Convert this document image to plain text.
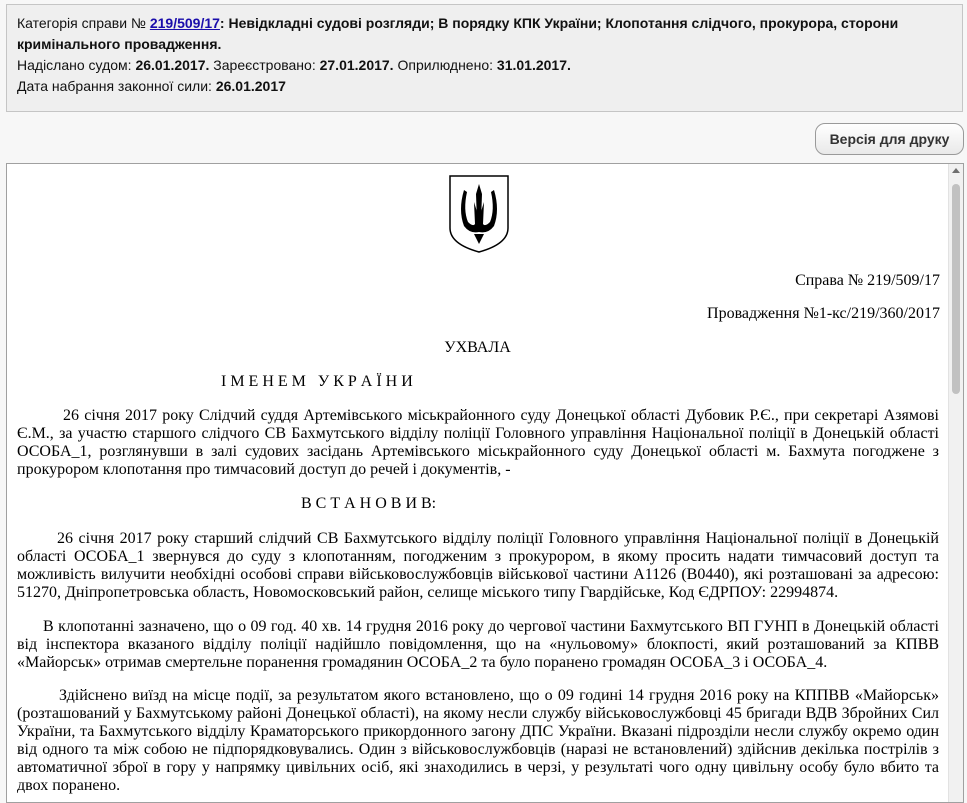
Категорія справи № 219/509/17: Невідкладні судові розгляди; В порядку КПК України; Клопотання слідчого, прокурора, сторони кримінального провадження.

Надіслано судом: 26.01.2017. Зареєстровано: 27.01.2017. Оприлюднено: 31.01.2017.

Дата набрання законної сили: 26.01.2017

Версія для друку
Справа № 219/509/17
Провадження №1-кс/219/360/2017
УХВАЛА
І М Е Н Е М   У К Р А Ї Н И
26 січня 2017 року Слідчий суддя Артемівського міськрайонного суду Донецької області Дубовик Р.Є., при секретарі Азямові Є.М., за участю старшого слідчого СВ Бахмутського відділу поліції Головного управління Національної поліції в Донецькій області ОСОБА_1, розглянувши в залі судових засідань Артемівського міськрайонного суду Донецької області м. Бахмута погоджене з прокурором клопотання про тимчасовий доступ до речей і документів, -
В С Т А Н О В И В:
26 січня 2017 року старший слідчий СВ Бахмутського відділу поліції Головного управління Національної поліції в Донецькій області ОСОБА_1 звернувся до суду з клопотанням, погодженим з прокурором, в якому просить надати тимчасовий доступ та можливість вилучити необхідні особові справи військовослужбовців військової частини А1126 (В0440), які розташовані за адресою: 51270, Дніпропетровська область, Новомосковський район, селище міського типу Гвардійське, Код ЄДРПОУ: 22994874.
В клопотанні зазначено, що о 09 год. 40 хв. 14 грудня 2016 року до чергової частини Бахмутського ВП ГУНП в Донецькій області від інспектора вказаного відділу поліції надійшло повідомлення, що на «нульовому» блокпості, який розташований за КПВВ «Майорськ» отримав смертельне поранення громадянин ОСОБА_2 та було поранено громадян ОСОБА_3 і ОСОБА_4.
Здійснено виїзд на місце події, за результатом якого встановлено, що о 09 годині 14 грудня 2016 року на КППВВ «Майорськ» (розташований у Бахмутському районі Донецької області), на якому несли службу військовослужбовці 45 бригади ВДВ Збройних Сил України, та Бахмутського відділу Краматорського прикордонного загону ДПС України. Вказані підрозділи несли службу окремо один від одного та між собою не підпорядковувались. Один з військовослужбовців (наразі не встановлений) здійснив декілька пострілів з автоматичної зброї в гору у напрямку цивільних осіб, які знаходились в черзі, у результаті чого одну цивільну особу було вбито та двох поранено.
